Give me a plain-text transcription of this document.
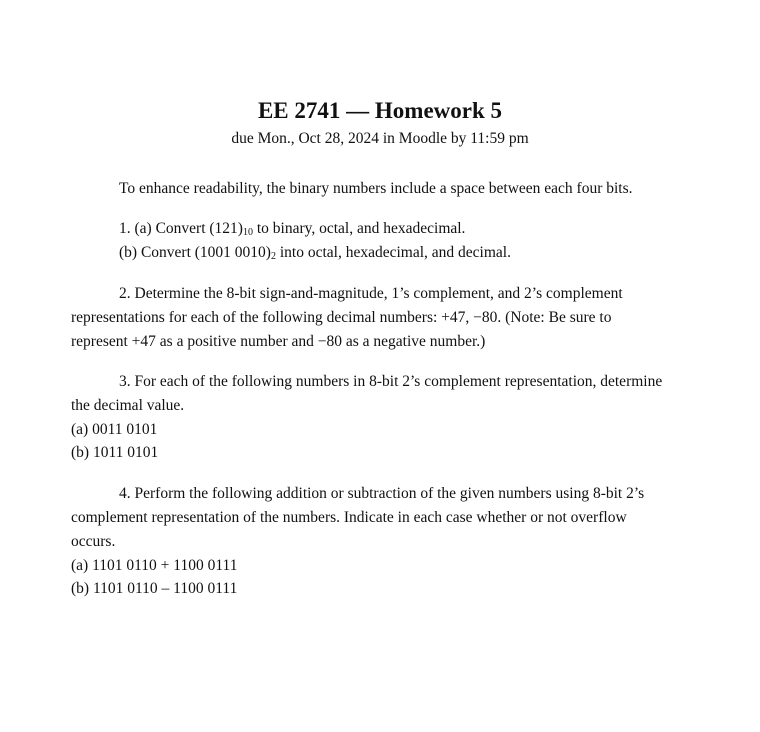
EE 2741 — Homework 5
due Mon., Oct 28, 2024 in Moodle by 11:59 pm
To enhance readability, the binary numbers include a space between each four bits.
1. (a) Convert $(121)_{10}$ to binary, octal, and hexadecimal.
(b) Convert (1001 $0010)_2$ into octal, hexadecimal, and decimal.
2. Determine the 8-bit sign-and-magnitude, 1’s complement, and 2’s complement
representations for each of the following decimal numbers: +47, −80. (Note: Be sure to
represent +47 as a positive number and −80 as a negative number.)
3. For each of the following numbers in 8-bit 2’s complement representation, determine
the decimal value.
(a) 0011 0101
(b) 1011 0101
4. Perform the following addition or subtraction of the given numbers using 8-bit 2’s
complement representation of the numbers. Indicate in each case whether or not overflow
occurs.
(a) 1101 0110 + 1100 0111
(b) 1101 0110 – 1100 0111
